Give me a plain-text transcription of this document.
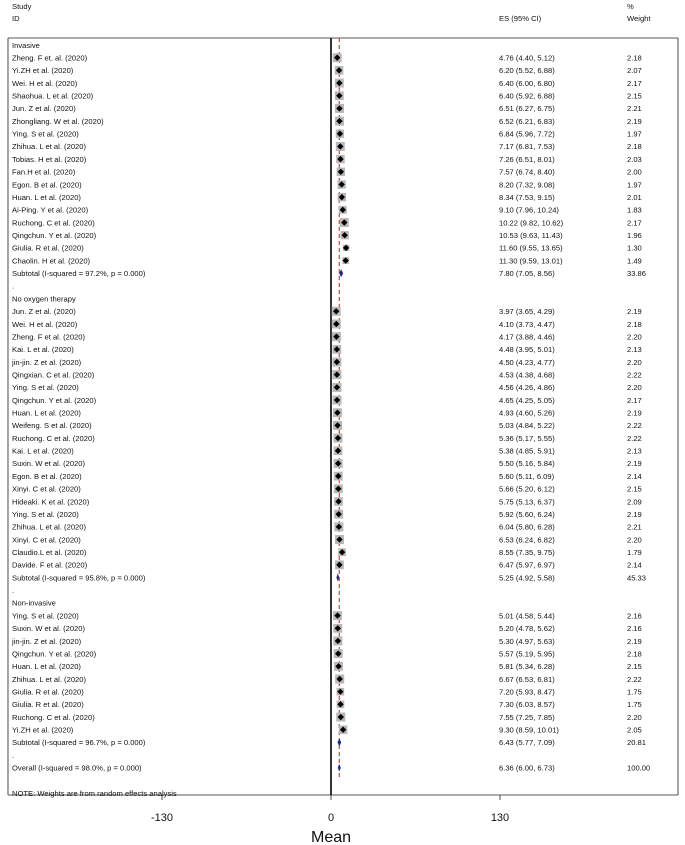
Study
ID	ES (95% CI)
%
Weight
Invasive
Zheng. F et. al. (2020)	4.76 (4.40, 5.12)	2.18
Yi.ZH et al. (2020)	6.20 (5.52, 6.88)	2.07
Wei. H et al. (2020)	6.40 (6.00, 6.80)	2.17
Shaohua. L et al. (2020)	6.40 (5.92, 6.88)	2.15
Jun. Z et al. (2020)	6.51 (6.27, 6.75)	2.21
Zhongliang. W et al. (2020)	6.52 (6.21, 6.83)	2.19
Ying. S et al. (2020)	6.84 (5.96, 7.72)	1.97
Zhihua. L et al. (2020)	7.17 (6.81, 7.53)	2.18
Tobias. H et al. (2020)	7.26 (6.51, 8.01)	2.03
Fan.H et al. (2020)	7.57 (6.74, 8.40)	2.00
Egon. B et al. (2020)	8.20 (7.32, 9.08)	1.97
Huan. L et al. (2020)	8.34 (7.53, 9.15)	2.01
Ai-Ping. Y et al. (2020)	9.10 (7.96, 10.24)	1.83
Ruchong. C et al. (2020)	10.22 (9.82, 10.62)	2.17
Qingchun. Y et al. (2020)	10.53 (9.63, 11.43)	1.96
Giulia. R et al. (2020)	11.60 (9.55, 13.65)	1.30
Chaolin. H et al. (2020)	11.30 (9.59, 13.01)	1.49
Subtotal (I-squared = 97.2%, p = 0.000)	7.80 (7.05, 8.56)	33.86
.
No oxygen therapy
Jun. Z et al. (2020)	3.97 (3.65, 4.29)	2.19
Wei. H et al. (2020)	4.10 (3.73, 4.47)	2.18
Zheng. F et al. (2020)	4.17 (3.88, 4.46)	2.20
Kai. L et al. (2020)	4.48 (3.95, 5.01)	2.13
jin-jin. Z et al. (2020)	4.50 (4.23, 4.77)	2.20
Qingxian. C et al. (2020)	4.53 (4.38, 4.68)	2.22
Ying. S et al. (2020)	4.56 (4.26, 4.86)	2.20
Qingchun. Y et al. (2020)	4.65 (4.25, 5.05)	2.17
Huan. L et al. (2020)	4.93 (4.60, 5.26)	2.19
Weifeng. S et al. (2020)	5.03 (4.84, 5.22)	2.22
Ruchong. C et al. (2020)	5.36 (5.17, 5.55)	2.22
Kai. L et al. (2020)	5.38 (4.85, 5.91)	2.13
Suxin. W et al. (2020)	5.50 (5.16, 5.84)	2.19
Egon. B et al. (2020)	5.60 (5.11, 6.09)	2.14
Xinyi. C et al. (2020)	5.66 (5.20, 6.12)	2.15
Hideaki. K et al. (2020)	5.75 (5.13, 6.37)	2.09
Ying. S et al. (2020)	5.92 (5.60, 6.24)	2.19
Zhihua. L et al. (2020)	6.04 (5.80, 6.28)	2.21
Xinyi. C et al. (2020)	6.53 (6.24, 6.82)	2.20
Claudio.L et al. (2020)	8.55 (7.35, 9.75)	1.79
Davide. F et al. (2020)	6.47 (5.97, 6.97)	2.14
Subtotal (I-squared = 95.8%, p = 0.000)	5.25 (4.92, 5.58)	45.33
.
Non-invasive
Ying. S et al. (2020)	5.01 (4.58, 5.44)	2.16
Suxin. W et al. (2020)	5.20 (4.78, 5.62)	2.16
jin-jin. Z et al. (2020)	5.30 (4.97, 5.63)	2.19
Qingchun. Y et al. (2020)	5.57 (5.19, 5.95)	2.18
Huan. L et al. (2020)	5.81 (5.34, 6.28)	2.15
Zhihua. L et al. (2020)	6.67 (6.53, 6.81)	2.22
Giulia. R et al. (2020)	7.20 (5.93, 8.47)	1.75
Giulia. R et al. (2020)	7.30 (6.03, 8.57)	1.75
Ruchong. C et al. (2020)	7.55 (7.25, 7.85)	2.20
Yi.ZH et al. (2020)	9.30 (8.59, 10.01)	2.05
Subtotal (I-squared = 96.7%, p = 0.000)	6.43 (5.77, 7.09)	20.81
.
Overall (I-squared = 98.0%, p = 0.000)	6.36 (6.00, 6.73)	100.00
NOTE: Weights are from random effects analysis
-130	0	130
Mean
